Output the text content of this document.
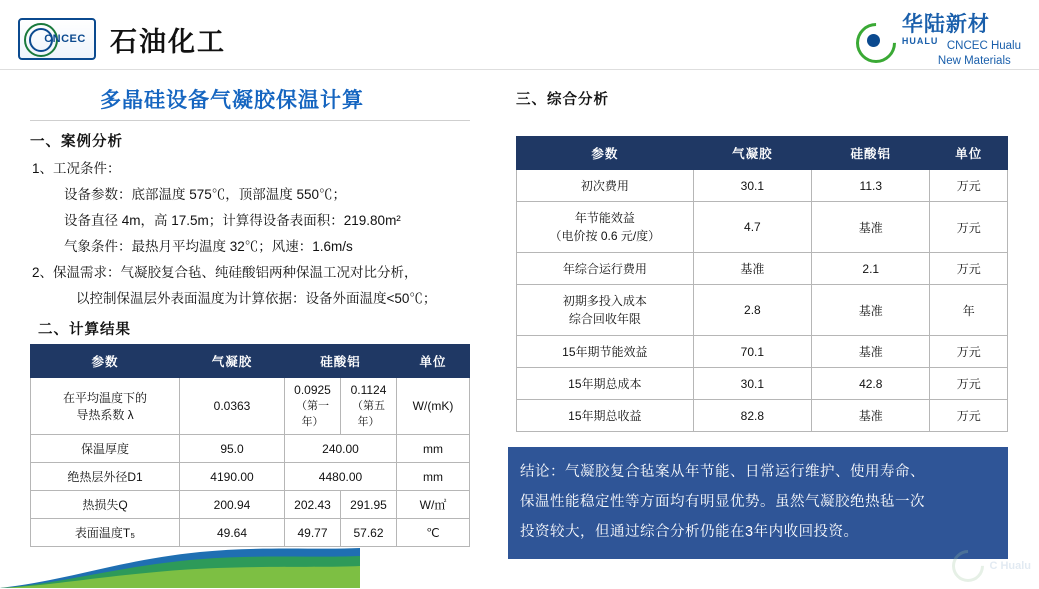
CNCEC 石油化工
华陆新材
HUALU CNCEC Hualu
New Materials
多晶硅设备气凝胶保温计算
一、案例分析
1、工况条件：
设备参数：底部温度 575℃，顶部温度 550℃；
设备直径 4m，高 17.5m；计算得设备表面积：219.80m²
气象条件：最热月平均温度 32℃；风速：1.6m/s
2、保温需求：气凝胶复合毡、纯硅酸铝两种保温工况对比分析，
以控制保温层外表面温度为计算依据：设备外面温度<50℃；
二、计算结果
参数	气凝胶	硅酸铝		单位
在平均温度下的
导热系数 λ	0.0363	0.0925
（第一年）	0.1124
（第五年）	W/(mK)
保温厚度	95.0	240.00		mm
绝热层外径D1	4190.00	4480.00		mm
热损失Q	200.94	202.43	291.95	W/㎡
表面温度T₅	49.64	49.77	57.62	℃
三、综合分析
参数	气凝胶	硅酸铝	单位
初次费用	30.1	11.3	万元

年节能效益
（电价按 0.6 元/度）	4.7	基准	万元
年综合运行费用	基准	2.1	万元

初期多投入成本
综合回收年限	2.8	基准	年
15年期节能效益	70.1	基准	万元
15年期总成本	30.1	42.8	万元
15年期总收益	82.8	基准	万元
结论：气凝胶复合毡案从年节能、日常运行维护、使用寿命、
保温性能稳定性等方面均有明显优势。虽然气凝胶绝热毡一次
投资较大，但通过综合分析仍能在3年内收回投资。
C Hualu
